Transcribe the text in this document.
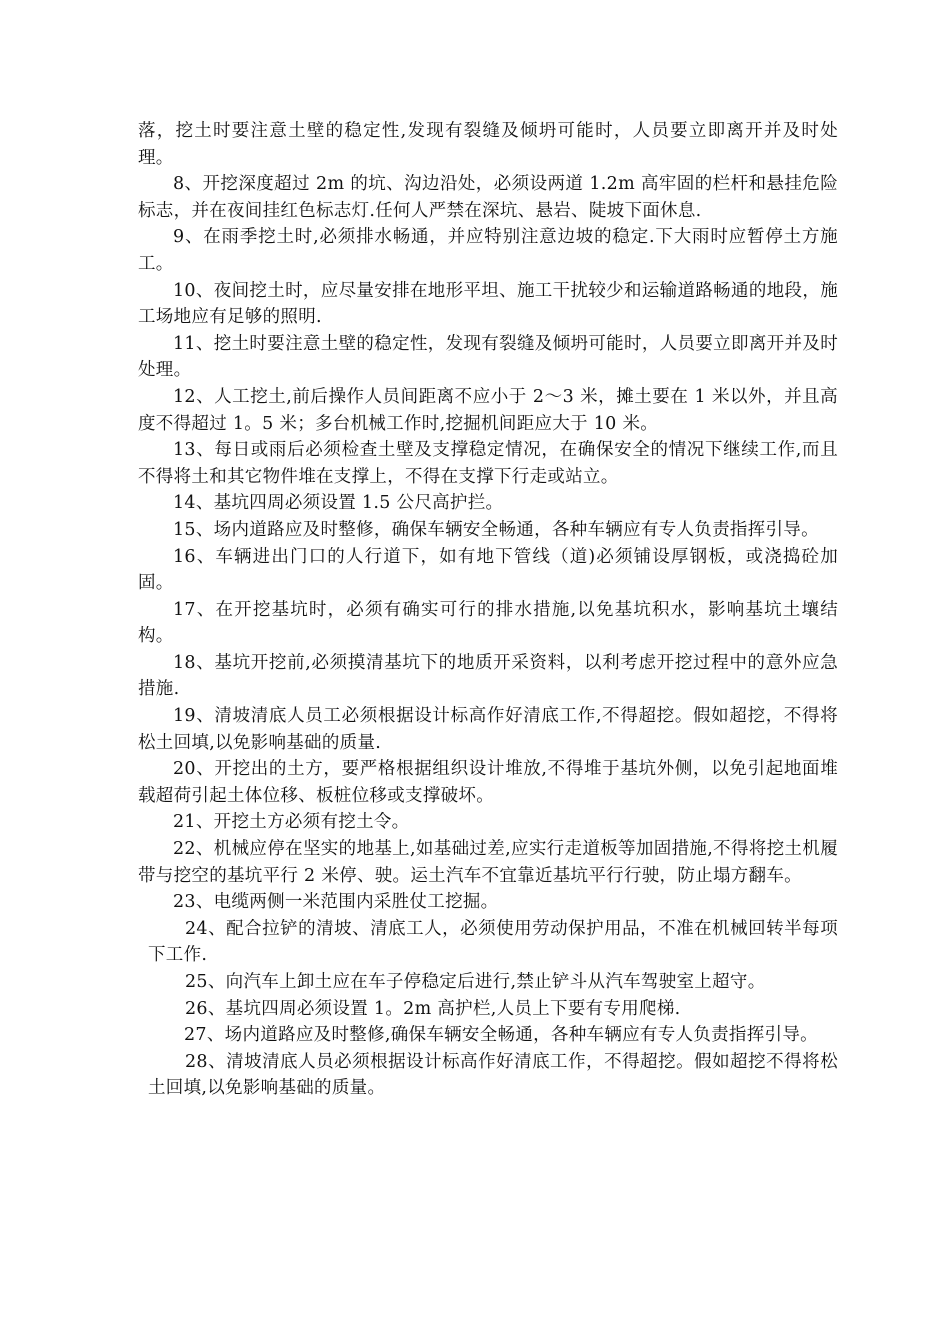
落，挖土时要注意土壁的稳定性,发现有裂缝及倾坍可能时，人员要立即离开并及时处理。

8、开挖深度超过 2m 的坑、沟边沿处，必须设两道 1.2m 高牢固的栏杆和悬挂危险标志，并在夜间挂红色标志灯.任何人严禁在深坑、悬岩、陡坡下面休息.

9、在雨季挖土时,必须排水畅通，并应特别注意边坡的稳定.下大雨时应暂停土方施工。

10、夜间挖土时，应尽量安排在地形平坦、施工干扰较少和运输道路畅通的地段，施工场地应有足够的照明.

11、挖土时要注意土壁的稳定性，发现有裂缝及倾坍可能时，人员要立即离开并及时处理。

12、人工挖土,前后操作人员间距离不应小于 2～3 米，摊土要在 1 米以外，并且高度不得超过 1。5 米；多台机械工作时,挖掘机间距应大于 10 米。

13、每日或雨后必须检查土壁及支撑稳定情况，在确保安全的情况下继续工作,而且不得将土和其它物件堆在支撑上，不得在支撑下行走或站立。

14、基坑四周必须设置 1.5 公尺高护拦。

15、场内道路应及时整修，确保车辆安全畅通，各种车辆应有专人负责指挥引导。

16、车辆进出门口的人行道下，如有地下管线（道)必须铺设厚钢板，或浇捣砼加固。

17、在开挖基坑时，必须有确实可行的排水措施,以免基坑积水，影响基坑土壤结构。

18、基坑开挖前,必须摸清基坑下的地质开采资料，以利考虑开挖过程中的意外应急措施.

19、清坡清底人员工必须根据设计标高作好清底工作,不得超挖。假如超挖，不得将松土回填,以免影响基础的质量.

20、开挖出的土方，要严格根据组织设计堆放,不得堆于基坑外侧，以免引起地面堆载超荷引起土体位移、板桩位移或支撑破坏。

21、开挖土方必须有挖土令。

22、机械应停在坚实的地基上,如基础过差,应实行走道板等加固措施,不得将挖土机履带与挖空的基坑平行 2 米停、驶。运土汽车不宜靠近基坑平行行驶，防止塌方翻车。

23、电缆两侧一米范围内采胜仗工挖掘。

24、配合拉铲的清坡、清底工人，必须使用劳动保护用品，不准在机械回转半每项下工作.

25、向汽车上卸土应在车子停稳定后进行,禁止铲斗从汽车驾驶室上超守。

26、基坑四周必须设置 1。2m 高护栏,人员上下要有专用爬梯.

27、场内道路应及时整修,确保车辆安全畅通，各种车辆应有专人负责指挥引导。

28、清坡清底人员必须根据设计标高作好清底工作，不得超挖。假如超挖不得将松土回填,以免影响基础的质量。
